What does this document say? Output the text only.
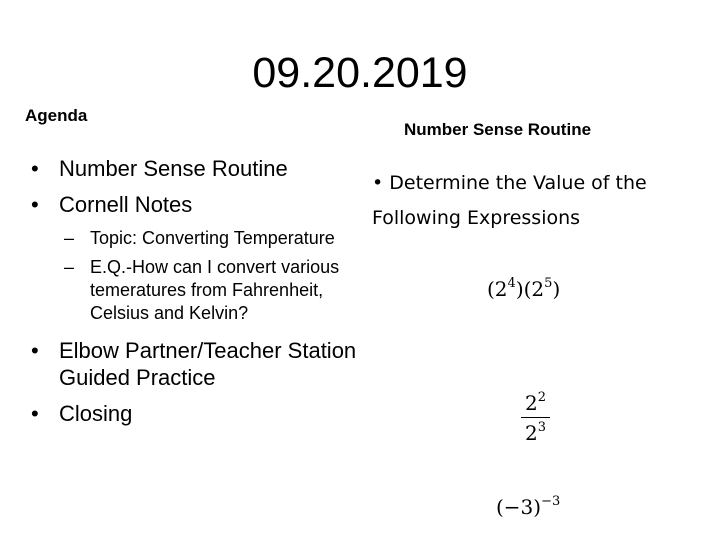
09.20.2019
Agenda
Number Sense Routine
• Number Sense Routine
• Cornell Notes
– Topic: Converting Temperature
– E.Q.-How can I convert various temeratures from Fahrenheit, Celsius and Kelvin?
• Elbow Partner/Teacher Station Guided Practice
• Closing
• Determine the Value of the Following Expressions
$(2^4)(2^5)$
$\frac{2^2}{2^3}$
$(-3)^{-3}$
